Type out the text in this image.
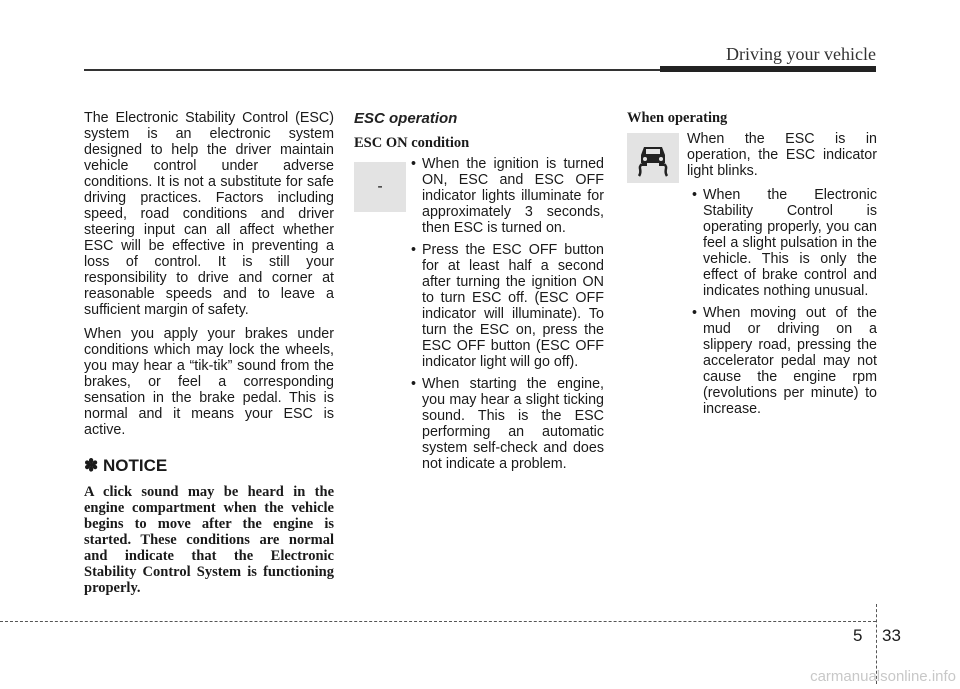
Driving your vehicle

The Electronic Stability Control (ESC) system is an electronic system designed to help the driver maintain vehicle control under adverse conditions. It is not a substitute for safe driving practices. Factors including speed, road conditions and driver steering input can all affect whether ESC will be effective in preventing a loss of control. It is still your responsibility to drive and corner at reasonable speeds and to leave a sufficient margin of safety.

When you apply your brakes under conditions which may lock the wheels, you may hear a “tik-tik” sound from the brakes, or feel a corresponding sensation in the brake pedal. This is normal and it means your ESC is active.

✽ NOTICE

A click sound may be heard in the engine compartment when the vehicle begins to move after the engine is started. These conditions are normal and indicate that the Electronic Stability Control System is functioning properly.

ESC operation
ESC ON condition
-
• When the ignition is turned ON, ESC and ESC OFF indicator lights illuminate for approximately 3 seconds, then ESC is turned on.
• Press the ESC OFF button for at least half a second after turning the ignition ON to turn ESC off. (ESC OFF indicator will illuminate). To turn the ESC on, press the ESC OFF button (ESC OFF indicator light will go off).
• When starting the engine, you may hear a slight ticking sound. This is the ESC performing an automatic system self-check and does not indicate a problem.
When operating

When the ESC is in operation, the ESC indicator light blinks.

• When the Electronic Stability Control is operating properly, you can feel a slight pulsation in the vehicle. This is only the effect of brake control and indicates nothing unusual.
• When moving out of the mud or driving on a slippery road, pressing the accelerator pedal may not cause the engine rpm (revolutions per minute) to increase.
5 33
carmanualsonline.info
